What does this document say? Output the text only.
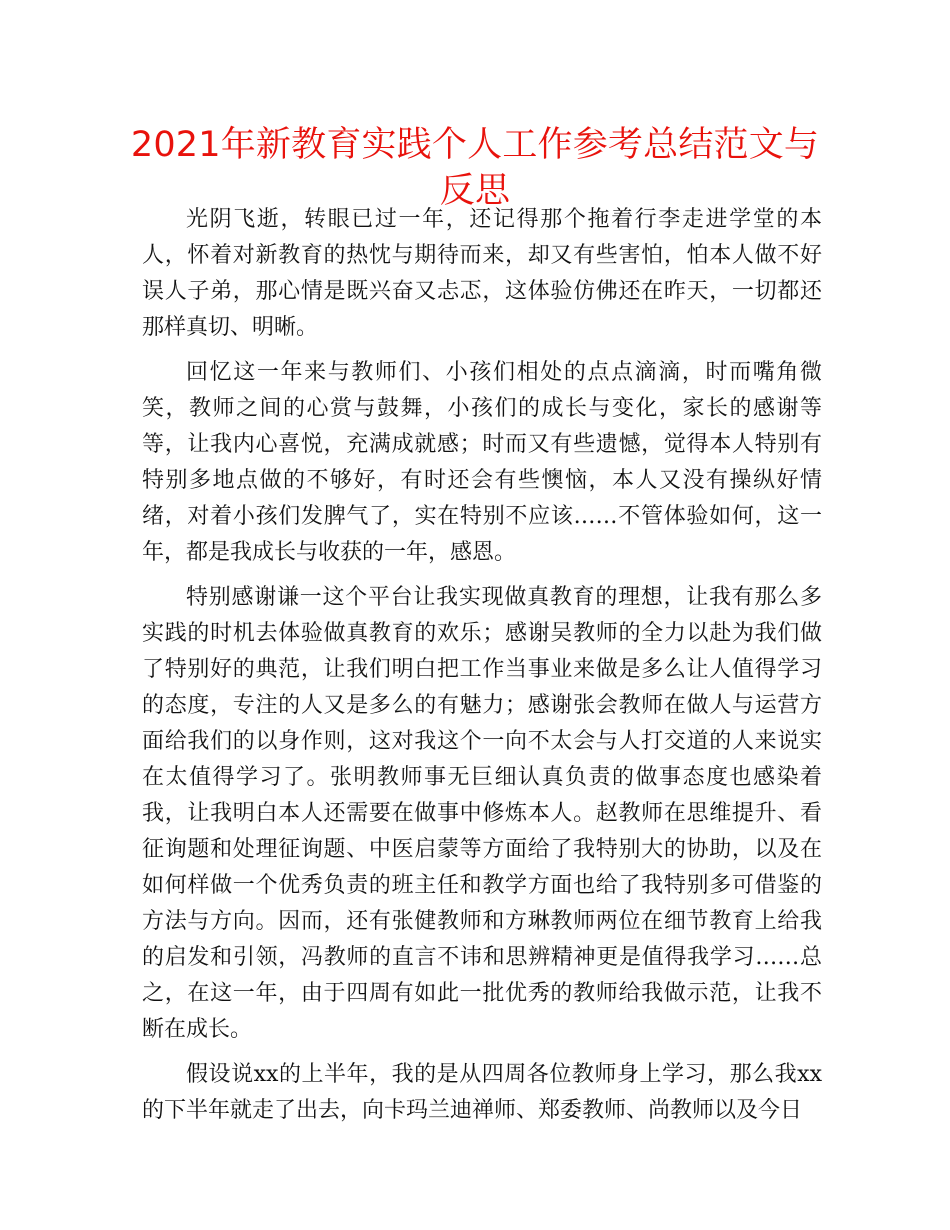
2021年新教育实践个人工作参考总结范文与反思

光阴飞逝，转眼已过一年，还记得那个拖着行李走进学堂的本人，怀着对新教育的热忱与期待而来，却又有些害怕，怕本人做不好误人子弟，那心情是既兴奋又忐忑，这体验仿佛还在昨天，一切都还那样真切、明晰。

回忆这一年来与教师们、小孩们相处的点点滴滴，时而嘴角微笑，教师之间的心赏与鼓舞，小孩们的成长与变化，家长的感谢等等，让我内心喜悦，充满成就感；时而又有些遗憾，觉得本人特别有特别多地点做的不够好，有时还会有些懊恼，本人又没有操纵好情绪，对着小孩们发脾气了，实在特别不应该……不管体验如何，这一年，都是我成长与收获的一年，感恩。

特别感谢谦一这个平台让我实现做真教育的理想，让我有那么多实践的时机去体验做真教育的欢乐；感谢吴教师的全力以赴为我们做了特别好的典范，让我们明白把工作当事业来做是多么让人值得学习的态度，专注的人又是多么的有魅力；感谢张会教师在做人与运营方面给我们的以身作则，这对我这个一向不太会与人打交道的人来说实在太值得学习了。张明教师事无巨细认真负责的做事态度也感染着我，让我明白本人还需要在做事中修炼本人。赵教师在思维提升、看征询题和处理征询题、中医启蒙等方面给了我特别大的协助，以及在如何样做一个优秀负责的班主任和教学方面也给了我特别多可借鉴的方法与方向。因而，还有张健教师和方琳教师两位在细节教育上给我的启发和引领，冯教师的直言不讳和思辨精神更是值得我学习……总之，在这一年，由于四周有如此一批优秀的教师给我做示范，让我不断在成长。

假设说xx的上半年，我的是从四周各位教师身上学习，那么我xx的下半年就走了出去，向卡玛兰迪禅师、郑委教师、尚教师以及今日
